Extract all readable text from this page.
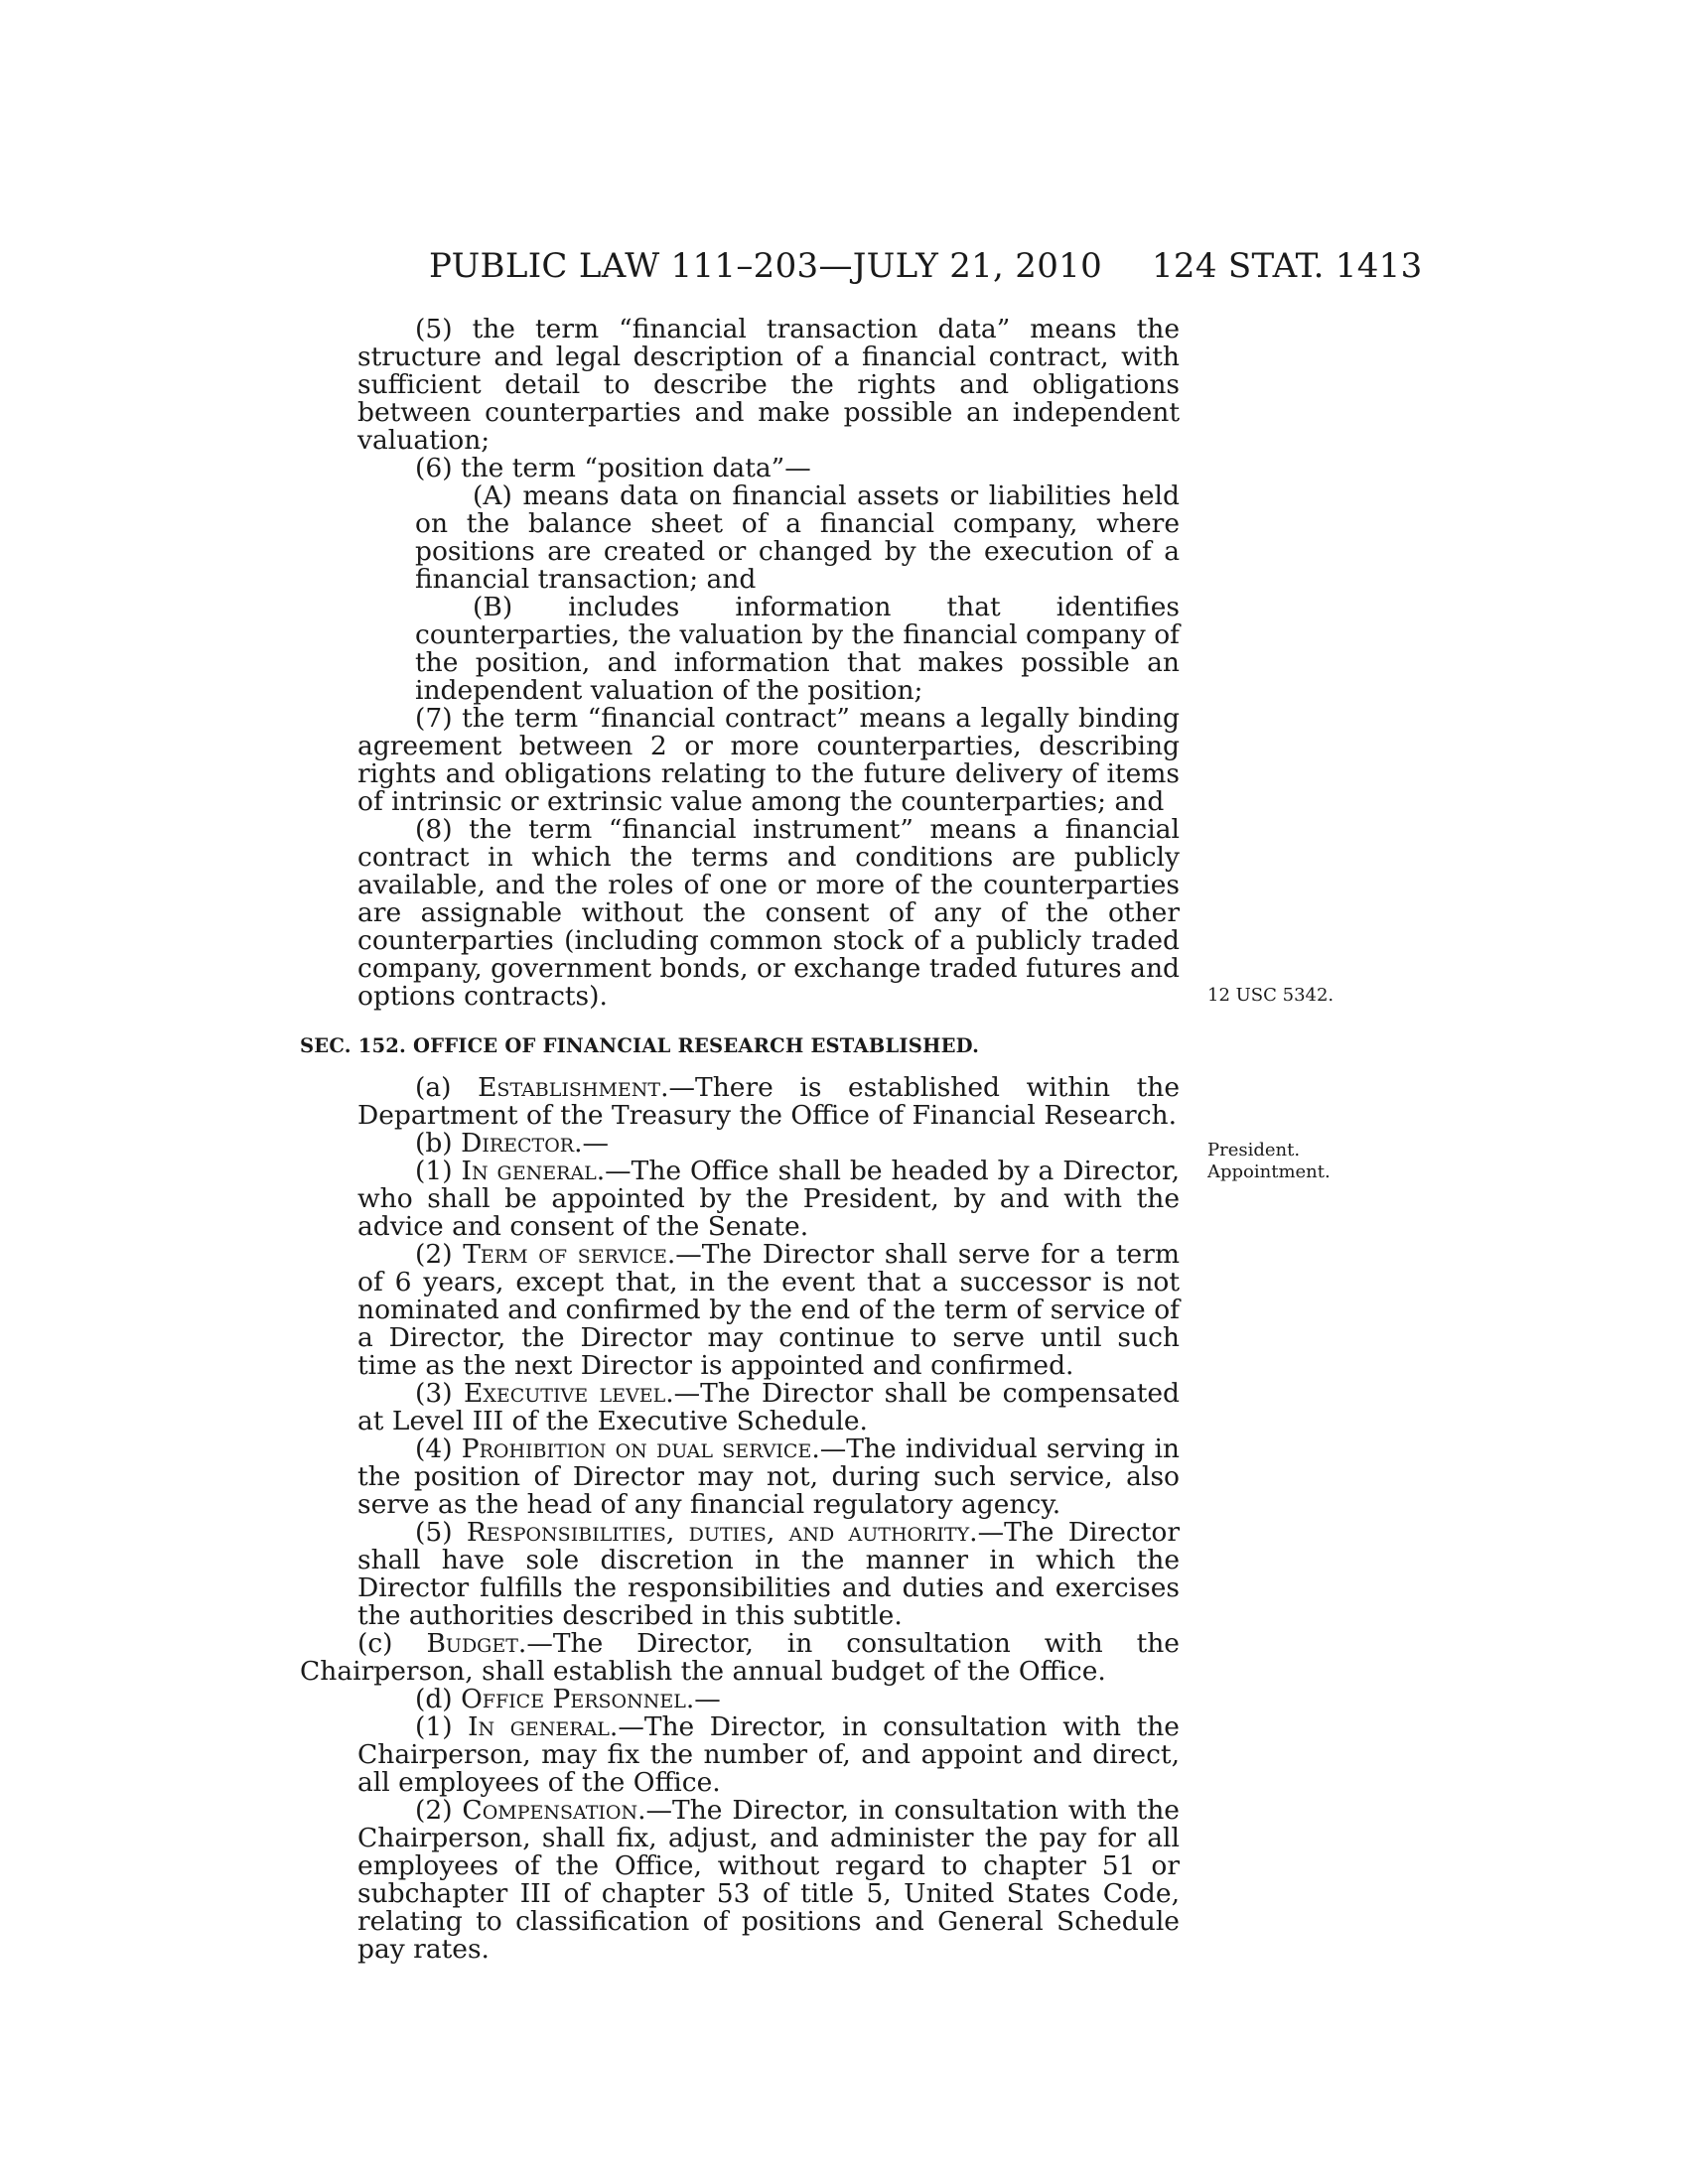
PUBLIC LAW 111–203—JULY 21, 2010 124 STAT. 1413

(5) the term “financial transaction data” means the structure and legal description of a financial contract, with sufficient detail to describe the rights and obligations between counterparties and make possible an independent valuation;

(6) the term “position data”—

(A) means data on financial assets or liabilities held on the balance sheet of a financial company, where positions are created or changed by the execution of a financial transaction; and

(B) includes information that identifies counterparties, the valuation by the financial company of the position, and information that makes possible an independent valuation of the position;

(7) the term “financial contract” means a legally binding agreement between 2 or more counterparties, describing rights and obligations relating to the future delivery of items of intrinsic or extrinsic value among the counterparties; and

(8) the term “financial instrument” means a financial contract in which the terms and conditions are publicly available, and the roles of one or more of the counterparties are assignable without the consent of any of the other counterparties (including common stock of a publicly traded company, government bonds, or exchange traded futures and options contracts).

SEC. 152. OFFICE OF FINANCIAL RESEARCH ESTABLISHED.

(a) Establishment.—There is established within the Department of the Treasury the Office of Financial Research.

(b) Director.—

(1) In general.—The Office shall be headed by a Director, who shall be appointed by the President, by and with the advice and consent of the Senate.

(2) Term of service.—The Director shall serve for a term of 6 years, except that, in the event that a successor is not nominated and confirmed by the end of the term of service of a Director, the Director may continue to serve until such time as the next Director is appointed and confirmed.

(3) Executive level.—The Director shall be compensated at Level III of the Executive Schedule.

(4) Prohibition on dual service.—The individual serving in the position of Director may not, during such service, also serve as the head of any financial regulatory agency.

(5) Responsibilities, duties, and authority.—The Director shall have sole discretion in the manner in which the Director fulfills the responsibilities and duties and exercises the authorities described in this subtitle.

(c) Budget.—The Director, in consultation with the Chairperson, shall establish the annual budget of the Office.

(d) Office Personnel.—

(1) In general.—The Director, in consultation with the Chairperson, may fix the number of, and appoint and direct, all employees of the Office.

(2) Compensation.—The Director, in consultation with the Chairperson, shall fix, adjust, and administer the pay for all employees of the Office, without regard to chapter 51 or subchapter III of chapter 53 of title 5, United States Code, relating to classification of positions and General Schedule pay rates.

12 USC 5342.
President.
Appointment.
